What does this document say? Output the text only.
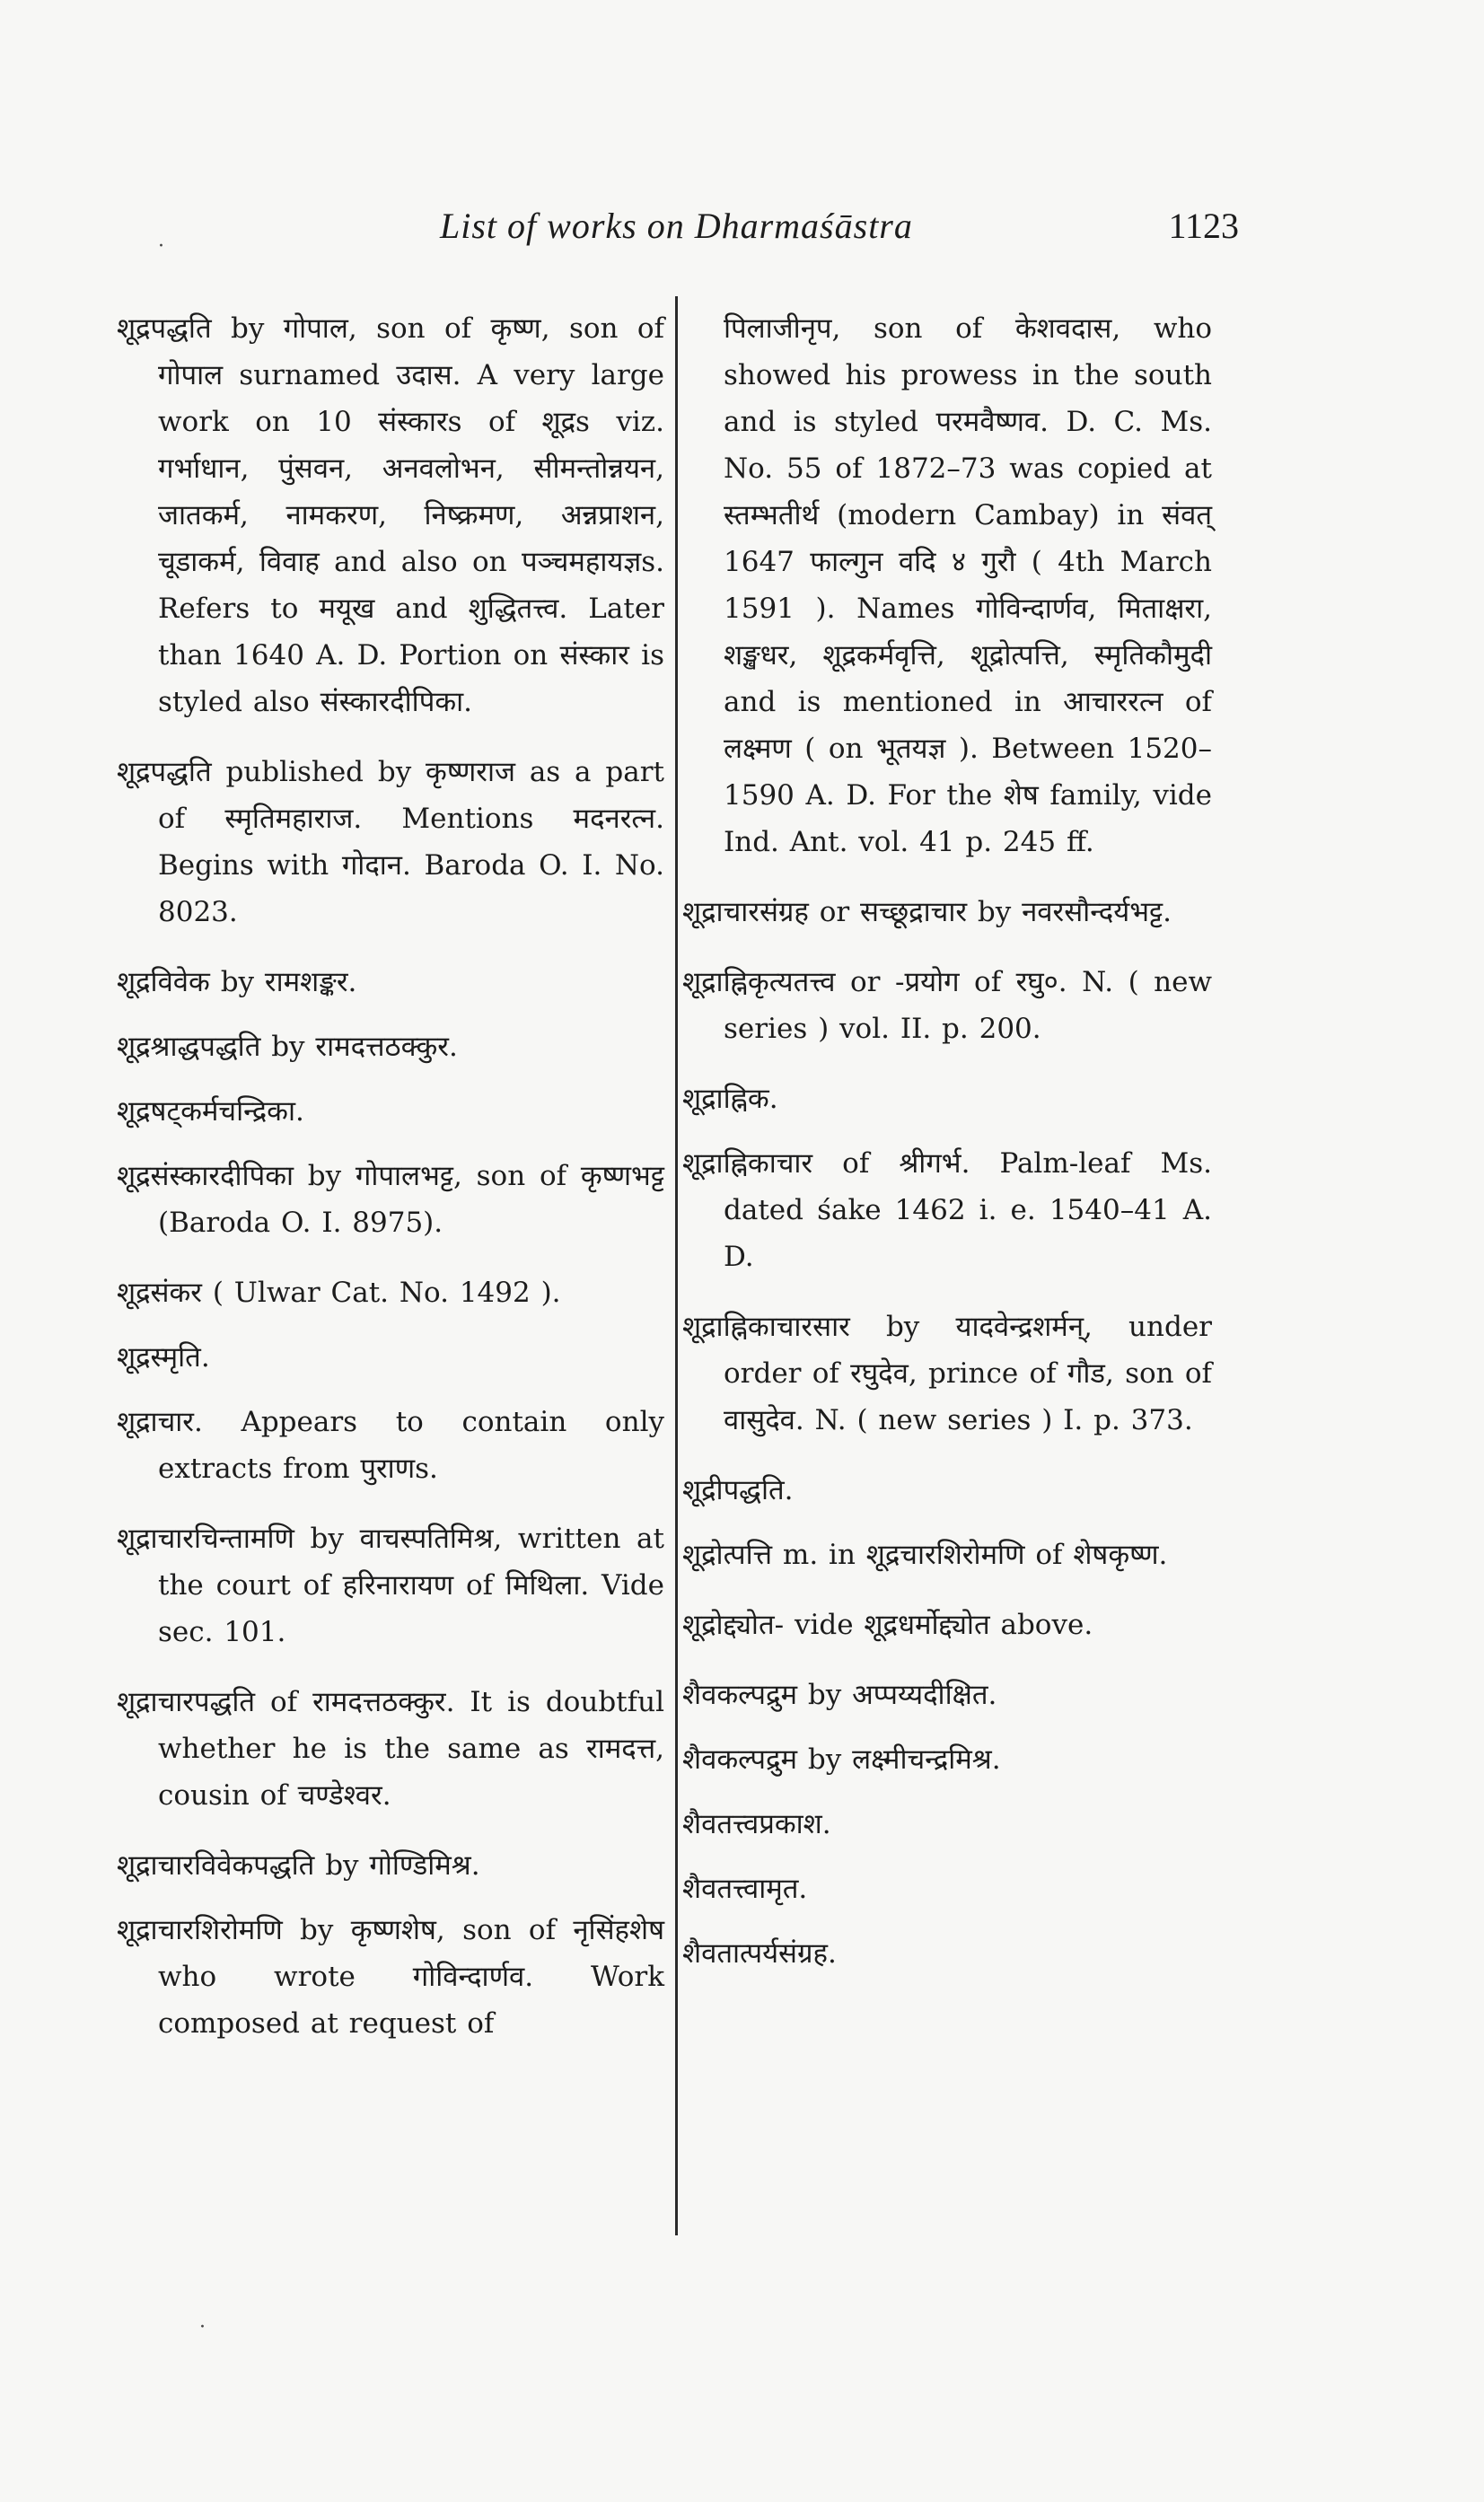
List of works on Dharmaśāstra	1123
·
·

शूद्रपद्धति by गोपाल, son of कृष्ण, son of गोपाल surnamed उदास. A very large work on 10 संस्कारs of शूद्रs viz. गर्भाधान, पुंसवन, अनवलोभन, सीमन्तोन्नयन, जातकर्म, नामकरण, निष्क्रमण, अन्नप्राशन, चूडाकर्म, विवाह and also on पञ्चमहायज्ञs. Refers to मयूख and शुद्धितत्त्व. Later than 1640 A. D. Portion on संस्कार is styled also संस्कारदीपिका.

शूद्रपद्धति published by कृष्णराज as a part of स्मृतिमहाराज. Mentions मदनरत्न. Begins with गोदान. Baroda O. I. No. 8023.

शूद्रविवेक by रामशङ्कर.

शूद्रश्राद्धपद्धति by रामदत्तठक्कुर.

शूद्रषट्कर्मचन्द्रिका.

शूद्रसंस्कारदीपिका by गोपालभट्ट, son of कृष्णभट्ट (Baroda O. I. 8975).

शूद्रसंकर ( Ulwar Cat. No. 1492 ).

शूद्रस्मृति.

शूद्राचार. Appears to contain only extracts from पुराणs.

शूद्राचारचिन्तामणि by वाचस्पतिमिश्र, written at the court of हरिनारायण of मिथिला. Vide sec. 101.

शूद्राचारपद्धति of रामदत्तठक्कुर. It is doubtful whether he is the same as रामदत्त, cousin of चण्डेश्वर.

शूद्राचारविवेकपद्धति by गोण्डिमिश्र.

शूद्राचारशिरोमणि by कृष्णशेष, son of नृसिंहशेष who wrote गोविन्दार्णव. Work composed at request of

पिलाजीनृप, son of केशवदास, who showed his prowess in the south and is styled परमवैष्णव. D. C. Ms. No. 55 of 1872–73 was copied at स्तम्भतीर्थ (modern Cambay) in संवत् 1647 फाल्गुन वदि ४ गुरौ ( 4th March 1591 ). Names गोविन्दार्णव, मिताक्षरा, शङ्खधर, शूद्रकर्मवृत्ति, शूद्रोत्पत्ति, स्मृतिकौमुदी and is mentioned in आचाररत्न of लक्ष्मण ( on भूतयज्ञ ). Between 1520–1590 A. D. For the शेष family, vide Ind. Ant. vol. 41 p. 245 ff.

शूद्राचारसंग्रह or सच्छूद्राचार by नवरसौन्दर्यभट्ट.

शूद्राह्निकृत्यतत्त्व or -प्रयोग of रघु०. N. ( new series ) vol. II. p. 200.

शूद्राह्निक.

शूद्राह्निकाचार of श्रीगर्भ. Palm-leaf Ms. dated śake 1462 i. e. 1540–41 A. D.

शूद्राह्निकाचारसार by यादवेन्द्रशर्मन्, under order of रघुदेव, prince of गौड, son of वासुदेव. N. ( new series ) I. p. 373.

शूद्रीपद्धति.

शूद्रोत्पत्ति m. in शूद्रचारशिरोमणि of शेषकृष्ण.

शूद्रोद्द्योत- vide शूद्रधर्मोद्द्योत above.

शैवकल्पद्रुम by अप्पय्यदीक्षित.

शैवकल्पद्रुम by लक्ष्मीचन्द्रमिश्र.

शैवतत्त्वप्रकाश.

शैवतत्त्वामृत.

शैवतात्पर्यसंग्रह.
